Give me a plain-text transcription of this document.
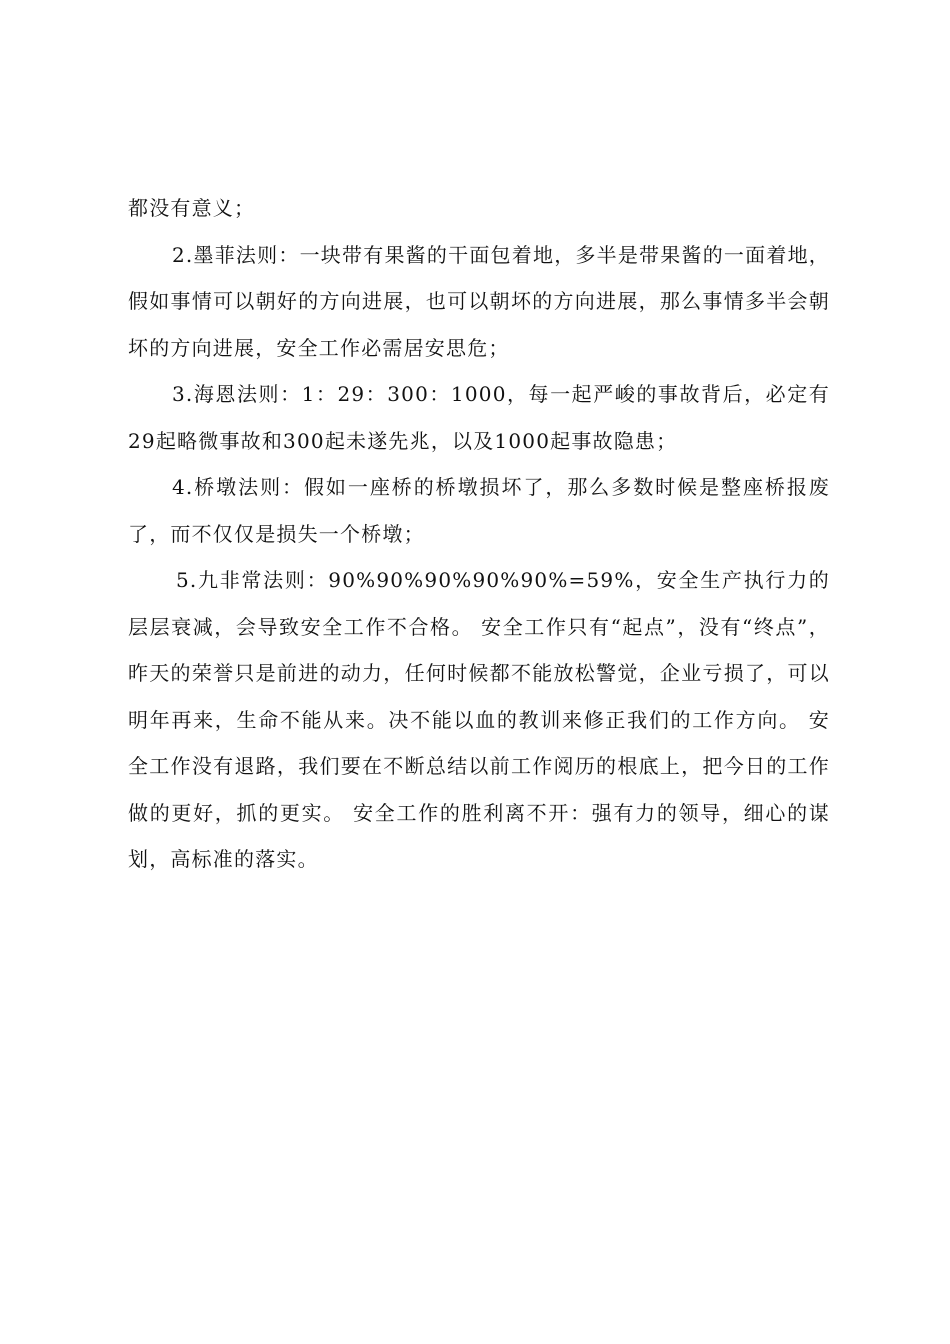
都没有意义；

2.墨菲法则：一块带有果酱的干面包着地，多半是带果酱的一面着地，假如事情可以朝好的方向进展，也可以朝坏的方向进展，那么事情多半会朝坏的方向进展，安全工作必需居安思危；

3.海恩法则：1：29：300：1000，每一起严峻的事故背后，必定有29起略微事故和300起未遂先兆，以及1000起事故隐患；

4.桥墩法则：假如一座桥的桥墩损坏了，那么多数时候是整座桥报废了，而不仅仅是损失一个桥墩；

5.九非常法则：90%90%90%90%90%=59%，安全生产执行力的层层衰减，会导致安全工作不合格。 安全工作只有“起点”，没有“终点”，昨天的荣誉只是前进的动力，任何时候都不能放松警觉，企业亏损了，可以明年再来，生命不能从来。决不能以血的教训来修正我们的工作方向。 安全工作没有退路，我们要在不断总结以前工作阅历的根底上，把今日的工作做的更好，抓的更实。 安全工作的胜利离不开：强有力的领导，细心的谋划，高标准的落实。
